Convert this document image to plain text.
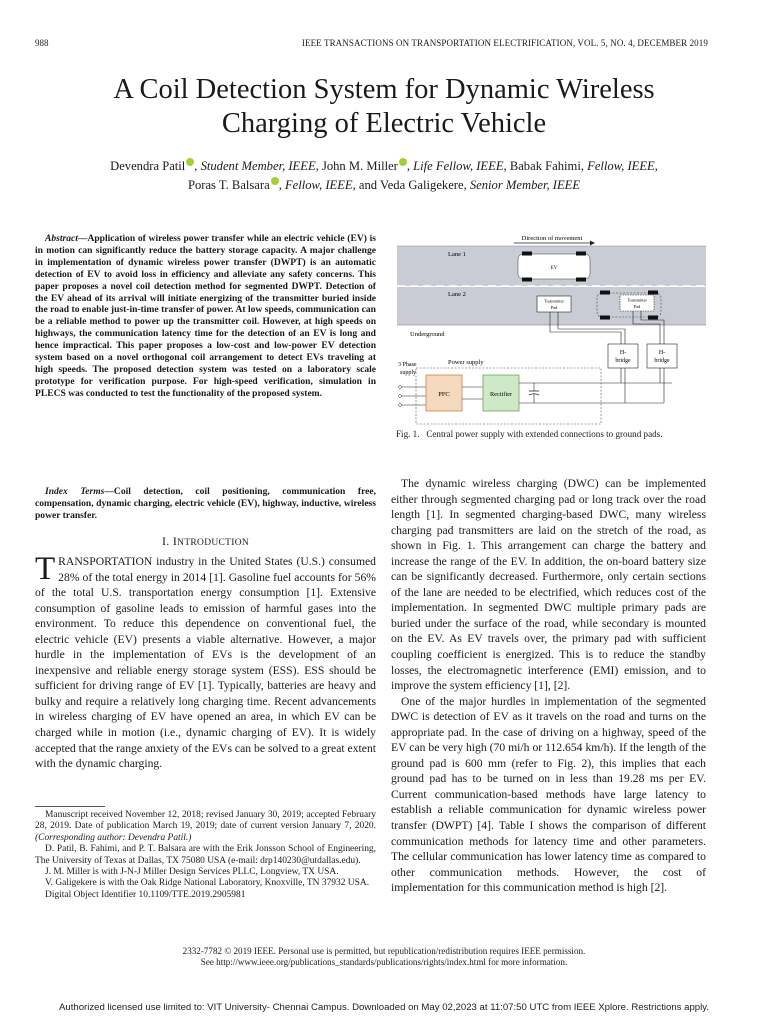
988	IEEE TRANSACTIONS ON TRANSPORTATION ELECTRIFICATION, VOL. 5, NO. 4, DECEMBER 2019
A Coil Detection System for Dynamic Wireless
Charging of Electric Vehicle
Devendra Patil , Student Member, IEEE, John M. Miller , Life Fellow, IEEE, Babak Fahimi, Fellow, IEEE,
Poras T. Balsara , Fellow, IEEE, and Veda Galigekere, Senior Member, IEEE
Abstract—Application of wireless power transfer while an electric vehicle (EV) is in motion can significantly reduce the battery storage capacity. A major challenge in implementation of dynamic wireless power transfer (DWPT) is an automatic detection of EV to avoid loss in efficiency and alleviate any safety concerns. This paper proposes a novel coil detection method for segmented DWPT. Detection of the EV ahead of its arrival will initiate energizing of the transmitter buried inside the road to enable just-in-time transfer of power. At low speeds, communication can be a reliable method to power up the transmitter coil. However, at high speeds on highways, the communication latency time for the detection of an EV is long and hence impractical. This paper proposes a low-cost and low-power EV detection system based on a novel orthogonal coil arrangement to detect EVs traveling at high speeds. The proposed detection system was tested on a laboratory scale prototype for verification purpose. For high-speed verification, simulation in PLECS was conducted to test the functionality of the proposed system.
Index Terms—Coil detection, coil positioning, communication free, compensation, dynamic charging, electric vehicle (EV), highway, inductive, wireless power transfer.
I. INTRODUCTION

TRANSPORTATION industry in the United States (U.S.) consumed 28% of the total energy in 2014 [1]. Gasoline fuel accounts for 56% of the total U.S. transportation energy consumption [1]. Extensive consumption of gasoline leads to emission of harmful gases into the environment. To reduce this dependence on conventional fuel, the electric vehicle (EV) presents a viable alternative. However, a major hurdle in the implementation of EVs is the development of an inexpensive and reliable energy storage system (ESS). ESS should be sufficient for driving range of EV [1]. Typically, batteries are heavy and bulky and require a relatively long charging time. Recent advancements in wireless charging of EV have opened an area, in which EV can be charged while in motion (i.e., dynamic charging of EV). It is widely accepted that the range anxiety of the EVs can be solved to a great extent with the dynamic charging.

Manuscript received November 12, 2018; revised January 30, 2019; accepted February 28, 2019. Date of publication March 19, 2019; date of current version January 7, 2020. (Corresponding author: Devendra Patil.)

D. Patil, B. Fahimi, and P. T. Balsara are with the Erik Jonsson School of Engineering, The University of Texas at Dallas, TX 75080 USA (e-mail: drp140230@utdallas.edu).

J. M. Miller is with J-N-J Miller Design Services PLLC, Longview, TX USA.

V. Galigekere is with the Oak Ridge National Laboratory, Knoxville, TN 37932 USA.

Digital Object Identifier 10.1109/TTE.2019.2905981

Direction of movement
Lane 1
EV
Lane 2
Transmitter
Pad
Transmitter
Pad
Underground
H-
bridge
H-
bridge
3 Phase
supply
Power supply
PFC	Rectifier
Fig. 1. Central power supply with extended connections to ground pads.

The dynamic wireless charging (DWC) can be implemented either through segmented charging pad or long track over the road length [1]. In segmented charging-based DWC, many wireless charging pad transmitters are laid on the stretch of the road, as shown in Fig. 1. This arrangement can charge the battery and increase the range of the EV. In addition, the on-board battery size can be significantly decreased. Furthermore, only certain sections of the lane are needed to be electrified, which reduces cost of the implementation. In segmented DWC multiple primary pads are buried under the surface of the road, while secondary is mounted on the EV. As EV travels over, the primary pad with sufficient coupling coefficient is energized. This is to reduce the standby losses, the electromagnetic interference (EMI) emission, and to improve the system efficiency [1], [2].

One of the major hurdles in implementation of the segmented DWC is detection of EV as it travels on the road and turns on the appropriate pad. In the case of driving on a highway, speed of the EV can be very high (70 mi/h or 112.654 km/h). If the length of the ground pad is 600 mm (refer to Fig. 2), this implies that each ground pad has to be turned on in less than 19.28 ms per EV. Current communication-based methods have large latency to establish a reliable communication for dynamic wireless power transfer (DWPT) [4]. Table I shows the comparison of different communication methods for latency time and other parameters. The cellular communication has lower latency time as compared to other communication methods. However, the cost of implementation for this communication method is high [2].

2332-7782 © 2019 IEEE. Personal use is permitted, but republication/redistribution requires IEEE permission.
See http://www.ieee.org/publications_standards/publications/rights/index.html for more information.
Authorized licensed use limited to: VIT University- Chennai Campus. Downloaded on May 02,2023 at 11:07:50 UTC from IEEE Xplore. Restrictions apply.
